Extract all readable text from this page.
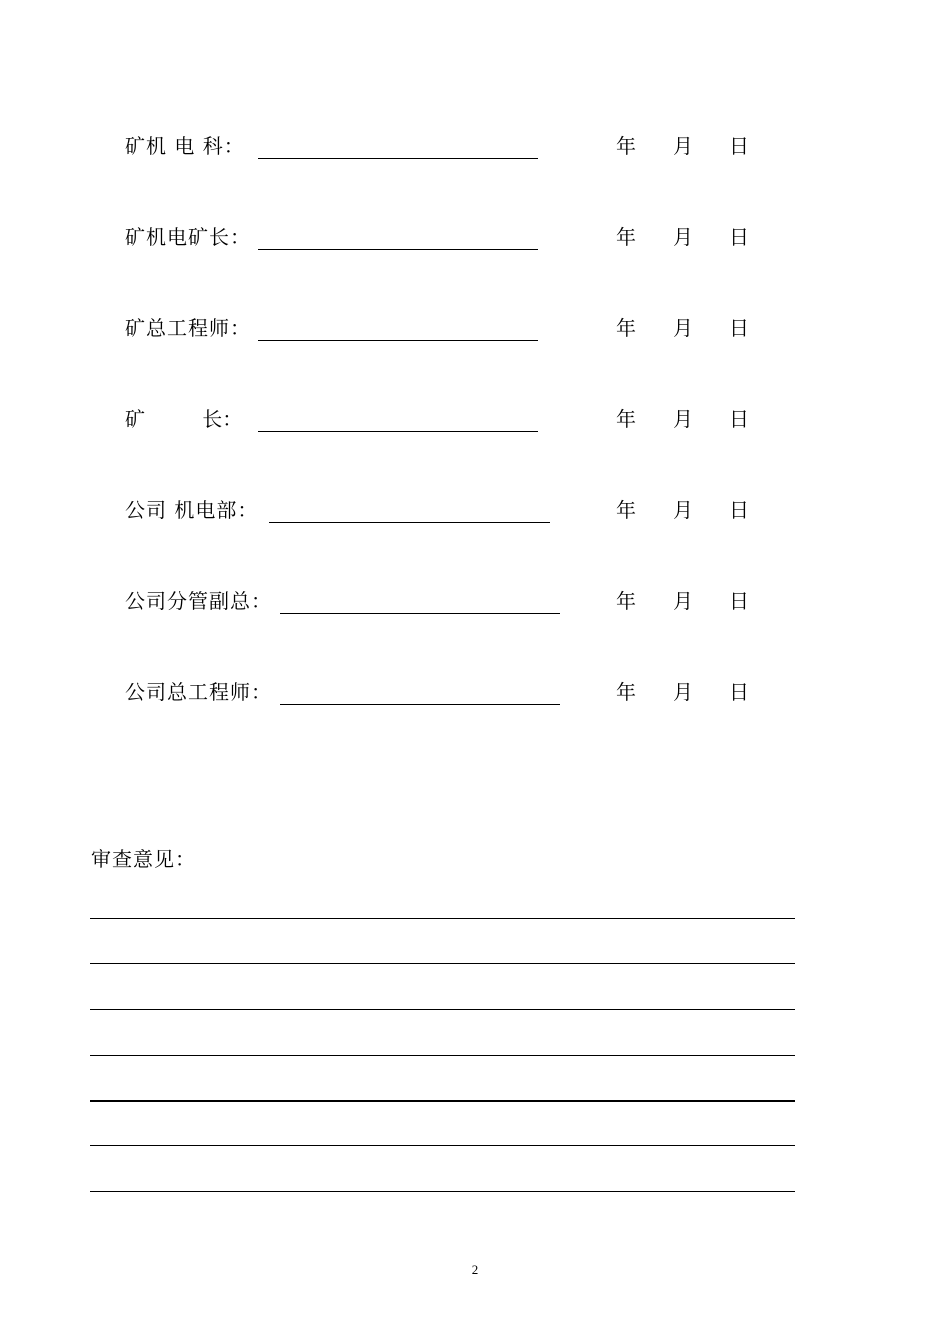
矿机 电 科：	年 月 日
矿机电矿长：	年 月 日
矿总工程师：	年 月 日
矿         长：	年 月 日
公司 机电部：	年 月 日
公司分管副总：	年 月 日
公司总工程师：	年 月 日
审查意见：
2
